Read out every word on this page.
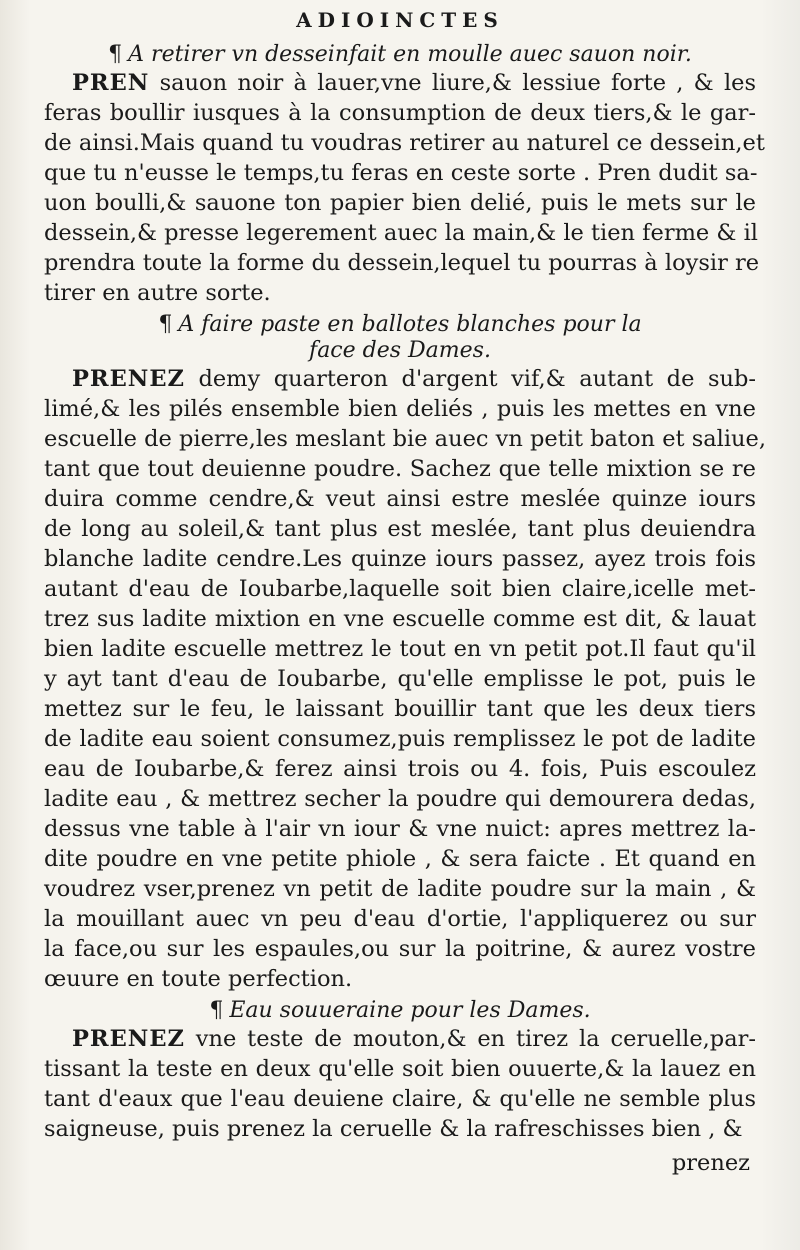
ADIOINCTES
¶ A retirer vn desseinfait en moulle auec sauon noir.
PREN sauon noir à lauer,vne liure,& lessiue forte , & les
feras boullir iusques à la consumption de deux tiers,& le gar-
de ainsi.Mais quand tu voudras retirer au naturel ce dessein,et
que tu n'eusse le temps,tu feras en ceste sorte . Pren dudit sa-
uon boulli,& sauone ton papier bien delié, puis le mets sur le
dessein,& presse legerement auec la main,& le tien ferme & il
prendra toute la forme du dessein,lequel tu pourras à loysir re
tirer en autre sorte.
¶ A faire paste en ballotes blanches pour la
face des Dames.
PRENEZ demy quarteron d'argent vif,& autant de sub-
limé,& les pilés ensemble bien deliés , puis les mettes en vne
escuelle de pierre,les meslant bie auec vn petit baton et saliue,
tant que tout deuienne poudre. Sachez que telle mixtion se re
duira comme cendre,& veut ainsi estre meslée quinze iours
de long au soleil,& tant plus est meslée, tant plus deuiendra
blanche ladite cendre.Les quinze iours passez, ayez trois fois
autant d'eau de Ioubarbe,laquelle soit bien claire,icelle met-
trez sus ladite mixtion en vne escuelle comme est dit, & lauat
bien ladite escuelle mettrez le tout en vn petit pot.Il faut qu'il
y ayt tant d'eau de Ioubarbe, qu'elle emplisse le pot, puis le
mettez sur le feu, le laissant bouillir tant que les deux tiers
de ladite eau soient consumez,puis remplissez le pot de ladite
eau de Ioubarbe,& ferez ainsi trois ou 4. fois, Puis escoulez
ladite eau , & mettrez secher la poudre qui demourera dedas,
dessus vne table à l'air vn iour & vne nuict: apres mettrez la-
dite poudre en vne petite phiole , & sera faicte . Et quand en
voudrez vser,prenez vn petit de ladite poudre sur la main , &
la mouillant auec vn peu d'eau d'ortie, l'appliquerez ou sur
la face,ou sur les espaules,ou sur la poitrine, & aurez vostre
œuure en toute perfection.
¶ Eau souueraine pour les Dames.
PRENEZ vne teste de mouton,& en tirez la ceruelle,par-
tissant la teste en deux qu'elle soit bien ouuerte,& la lauez en
tant d'eaux que l'eau deuiene claire, & qu'elle ne semble plus
saigneuse, puis prenez la ceruelle & la rafreschisses bien , &
prenez
